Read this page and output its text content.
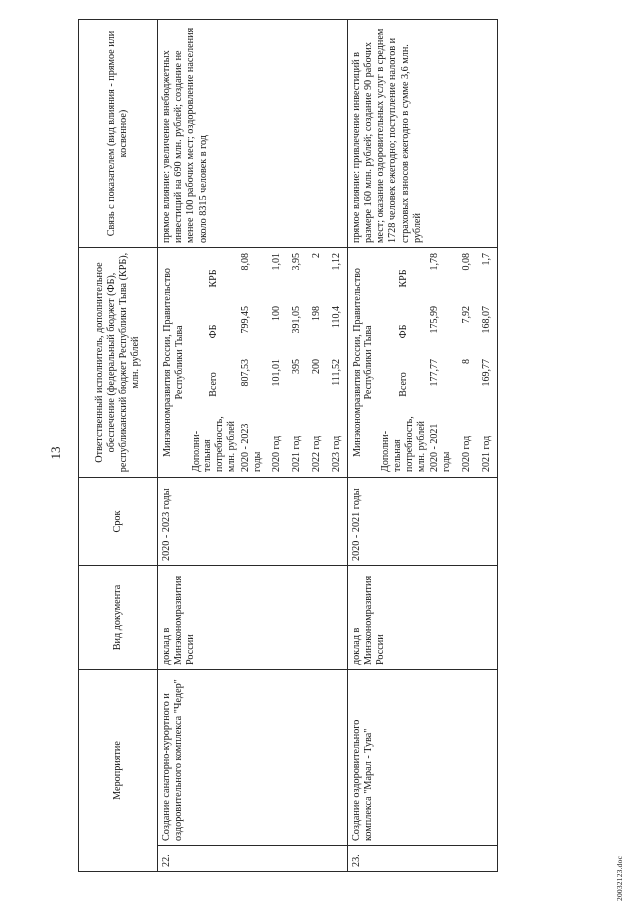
13
Мероприятие	Вид документа	Срок	Ответственный исполнитель, дополнительное обеспечение (федеральный бюджет (ФБ), республиканский бюджет Республики Тыва (КРБ), млн. рублей	Связь с показателем (вид влияния - прямое или косвенное)
22.	Создание санаторно-курортного и оздоровительного комплекса "Чедер"	доклад в Минэкономразвития России	2020 - 2023 годы	
Минэкономразвития России, Правительство Республики Тыва
Дополни- тельная потребность, млн. рублей	Всего	ФБ	КРБ
2020 - 2023 годы	807,53	799,45	8,08
2020 год	101,01	100	1,01
2021 год	395	391,05	3,95
2022 год	200	198	2
2023 год	111,52	110,4	1,12
	прямое влияние: увеличение внебюджетных инвестиций на 690 млн. рублей; создание не менее 100 рабочих мест; оздоровление населения около 8315 человек в год
23.	Создание оздоровительного комплекса "Марал - Тува"	доклад в Минэкономразвития России	2020 - 2021 годы	
Минэкономразвития России, Правительство Республики Тыва
Дополни- тельная потребность, млн. рублей	Всего	ФБ	КРБ
2020 - 2021 годы	177,77	175,99	1,78
2020 год	8	7,92	0,08
2021 год	169,77	168,07	1,7
	прямое влияние: привлечение инвестиций в размере 160 млн. рублей; создание 90 рабочих мест; оказание оздоровительных услуг в среднем 1728 человек ежегодно; поступление налогов и страховых взносов ежегодно в сумме 3,6 млн. рублей
20032123.doc
